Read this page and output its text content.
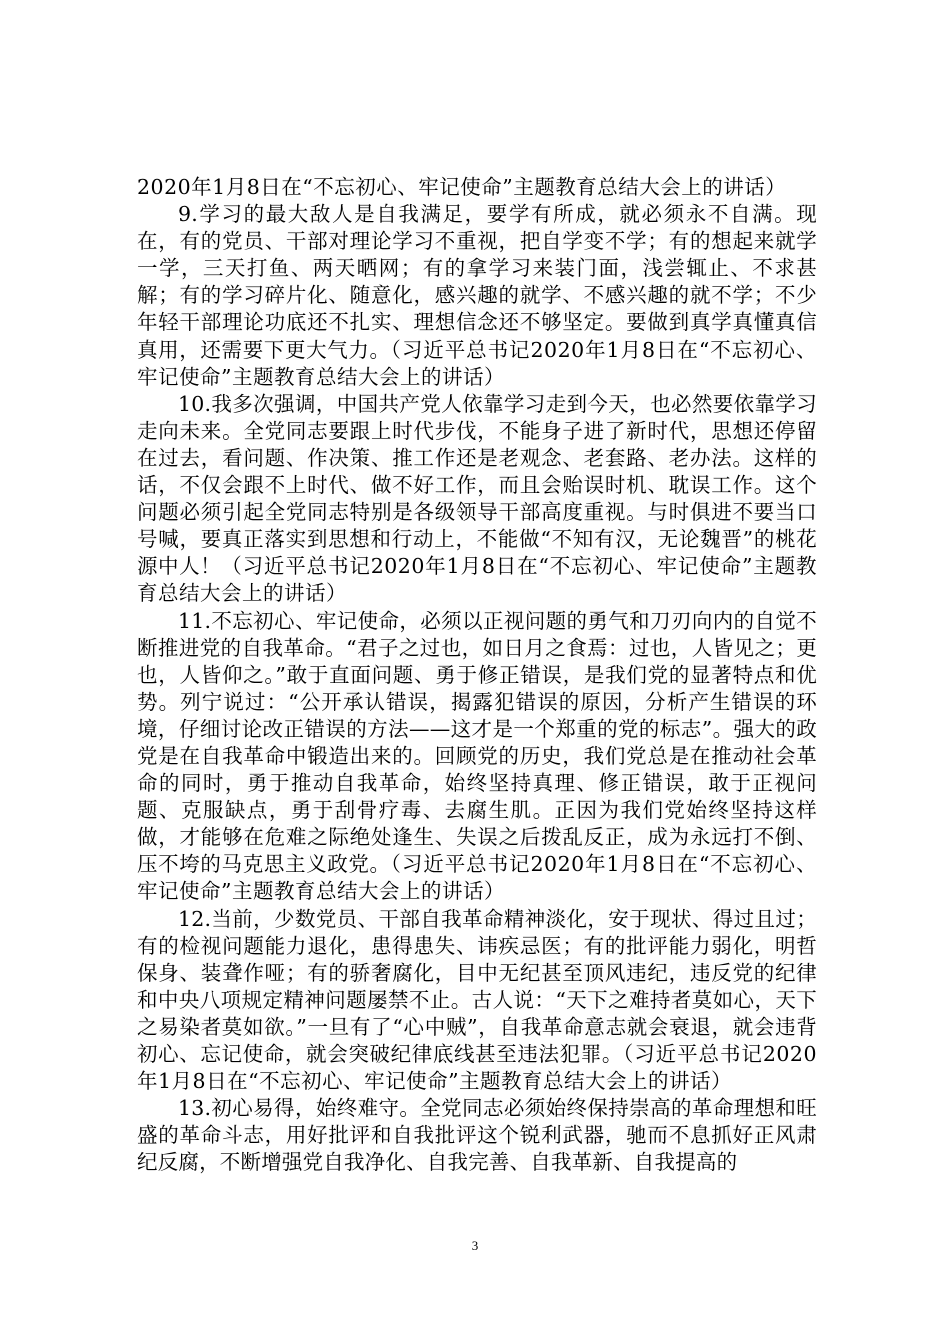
2020年1月8日在“不忘初心、牢记使命”主题教育总结大会上的讲话）

9.学习的最大敌人是自我满足，要学有所成，就必须永不自满。现在，有的党员、干部对理论学习不重视，把自学变不学；有的想起来就学一学，三天打鱼、两天晒网；有的拿学习来装门面，浅尝辄止、不求甚解；有的学习碎片化、随意化，感兴趣的就学、不感兴趣的就不学；不少年轻干部理论功底还不扎实、理想信念还不够坚定。要做到真学真懂真信真用，还需要下更大气力。（习近平总书记2020年1月8日在“不忘初心、牢记使命”主题教育总结大会上的讲话）

10.我多次强调，中国共产党人依靠学习走到今天，也必然要依靠学习走向未来。全党同志要跟上时代步伐，不能身子进了新时代，思想还停留在过去，看问题、作决策、推工作还是老观念、老套路、老办法。这样的话，不仅会跟不上时代、做不好工作，而且会贻误时机、耽误工作。这个问题必须引起全党同志特别是各级领导干部高度重视。与时俱进不要当口号喊，要真正落实到思想和行动上，不能做“不知有汉，无论魏晋”的桃花源中人！（习近平总书记2020年1月8日在“不忘初心、牢记使命”主题教育总结大会上的讲话）

11.不忘初心、牢记使命，必须以正视问题的勇气和刀刃向内的自觉不断推进党的自我革命。“君子之过也，如日月之食焉：过也，人皆见之；更也，人皆仰之。”敢于直面问题、勇于修正错误，是我们党的显著特点和优势。列宁说过：“公开承认错误，揭露犯错误的原因，分析产生错误的环境，仔细讨论改正错误的方法——这才是一个郑重的党的标志”。强大的政党是在自我革命中锻造出来的。回顾党的历史，我们党总是在推动社会革命的同时，勇于推动自我革命，始终坚持真理、修正错误，敢于正视问题、克服缺点，勇于刮骨疗毒、去腐生肌。正因为我们党始终坚持这样做，才能够在危难之际绝处逢生、失误之后拨乱反正，成为永远打不倒、压不垮的马克思主义政党。（习近平总书记2020年1月8日在“不忘初心、牢记使命”主题教育总结大会上的讲话）

12.当前，少数党员、干部自我革命精神淡化，安于现状、得过且过；有的检视问题能力退化，患得患失、讳疾忌医；有的批评能力弱化，明哲保身、装聋作哑；有的骄奢腐化，目中无纪甚至顶风违纪，违反党的纪律和中央八项规定精神问题屡禁不止。古人说：“天下之难持者莫如心，天下之易染者莫如欲。”一旦有了“心中贼”，自我革命意志就会衰退，就会违背初心、忘记使命，就会突破纪律底线甚至违法犯罪。（习近平总书记2020年1月8日在“不忘初心、牢记使命”主题教育总结大会上的讲话）

13.初心易得，始终难守。全党同志必须始终保持崇高的革命理想和旺盛的革命斗志，用好批评和自我批评这个锐利武器，驰而不息抓好正风肃纪反腐，不断增强党自我净化、自我完善、自我革新、自我提高的

3
